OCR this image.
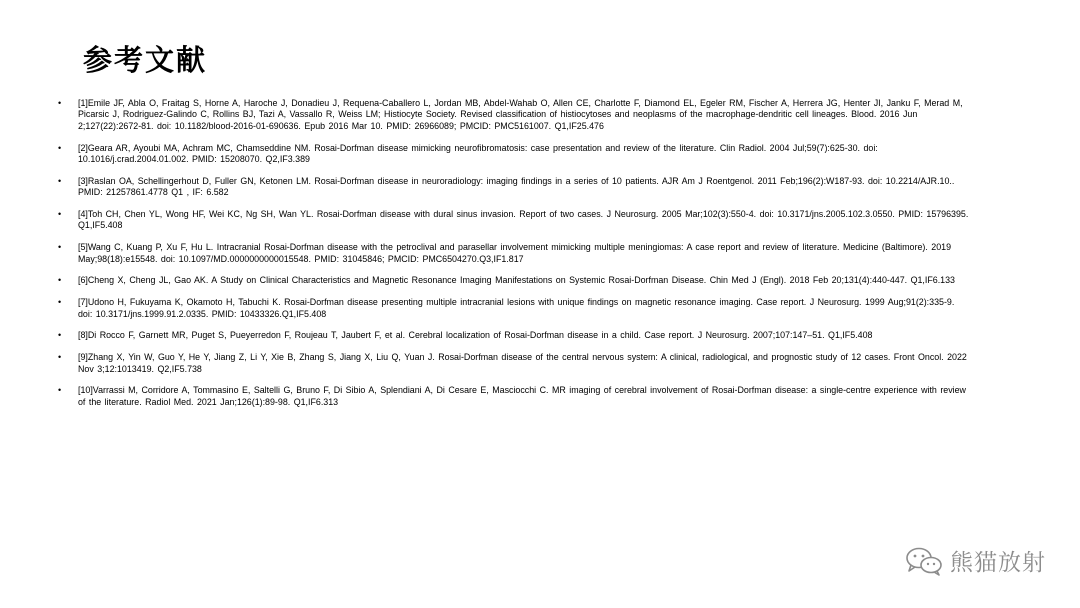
参考文献
• [1]Emile JF, Abla O, Fraitag S, Horne A, Haroche J, Donadieu J, Requena-Caballero L, Jordan MB, Abdel-Wahab O, Allen CE, Charlotte F, Diamond EL, Egeler RM, Fischer A, Herrera JG, Henter JI, Janku F, Merad M, Picarsic J, Rodriguez-Galindo C, Rollins BJ, Tazi A, Vassallo R, Weiss LM; Histiocyte Society. Revised classification of histiocytoses and neoplasms of the macrophage-dendritic cell lineages. Blood. 2016 Jun 2;127(22):2672-81. doi: 10.1182/blood-2016-01-690636. Epub 2016 Mar 10. PMID: 26966089; PMCID: PMC5161007. Q1,IF25.476
• [2]Geara AR, Ayoubi MA, Achram MC, Chamseddine NM. Rosai-Dorfman disease mimicking neurofibromatosis: case presentation and review of the literature. Clin Radiol. 2004 Jul;59(7):625-30. doi: 10.1016/j.crad.2004.01.002. PMID: 15208070. Q2,IF3.389
• [3]Raslan OA, Schellingerhout D, Fuller GN, Ketonen LM. Rosai-Dorfman disease in neuroradiology: imaging findings in a series of 10 patients. AJR Am J Roentgenol. 2011 Feb;196(2):W187-93. doi: 10.2214/AJR.10.. PMID: 21257861.4778 Q1 , IF: 6.582
• [4]Toh CH, Chen YL, Wong HF, Wei KC, Ng SH, Wan YL. Rosai-Dorfman disease with dural sinus invasion. Report of two cases. J Neurosurg. 2005 Mar;102(3):550-4. doi: 10.3171/jns.2005.102.3.0550. PMID: 15796395. Q1,IF5.408
• [5]Wang C, Kuang P, Xu F, Hu L. Intracranial Rosai-Dorfman disease with the petroclival and parasellar involvement mimicking multiple meningiomas: A case report and review of literature. Medicine (Baltimore). 2019 May;98(18):e15548. doi: 10.1097/MD.0000000000015548. PMID: 31045846; PMCID: PMC6504270.Q3,IF1.817
• [6]Cheng X, Cheng JL, Gao AK. A Study on Clinical Characteristics and Magnetic Resonance Imaging Manifestations on Systemic Rosai-Dorfman Disease. Chin Med J (Engl). 2018 Feb 20;131(4):440-447. Q1,IF6.133
• [7]Udono H, Fukuyama K, Okamoto H, Tabuchi K. Rosai-Dorfman disease presenting multiple intracranial lesions with unique findings on magnetic resonance imaging. Case report. J Neurosurg. 1999 Aug;91(2):335-9. doi: 10.3171/jns.1999.91.2.0335. PMID: 10433326.Q1,IF5.408
• [8]Di Rocco F, Garnett MR, Puget S, Pueyerredon F, Roujeau T, Jaubert F, et al. Cerebral localization of Rosai-Dorfman disease in a child. Case report. J Neurosurg. 2007;107:147–51. Q1,IF5.408
• [9]Zhang X, Yin W, Guo Y, He Y, Jiang Z, Li Y, Xie B, Zhang S, Jiang X, Liu Q, Yuan J. Rosai-Dorfman disease of the central nervous system: A clinical, radiological, and prognostic study of 12 cases. Front Oncol. 2022 Nov 3;12:1013419. Q2,IF5.738
• [10]Varrassi M, Corridore A, Tommasino E, Saltelli G, Bruno F, Di Sibio A, Splendiani A, Di Cesare E, Masciocchi C. MR imaging of cerebral involvement of Rosai-Dorfman disease: a single-centre experience with review of the literature. Radiol Med. 2021 Jan;126(1):89-98. Q1,IF6.313
熊猫放射
